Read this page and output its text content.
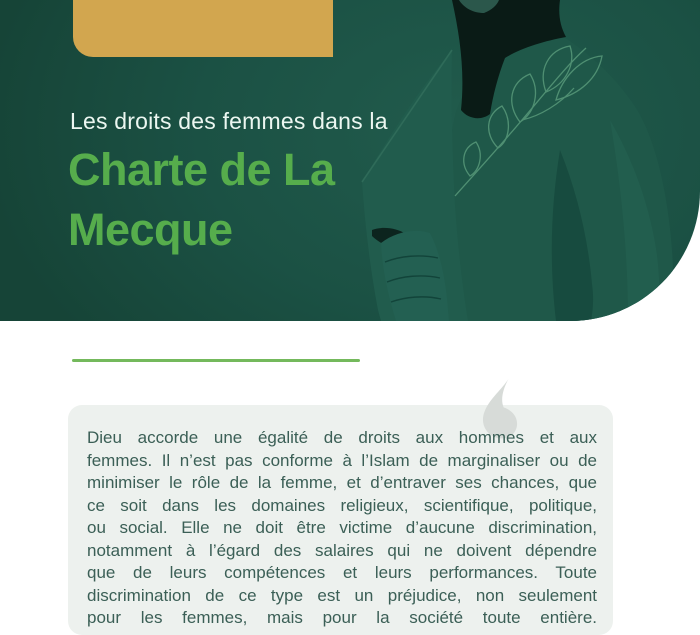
Les droits des femmes dans la
Charte de La
Mecque
Dieu accorde une égalité de droits aux hommes et aux
femmes. Il n’est pas conforme à l’Islam de marginaliser ou de
minimiser le rôle de la femme, et d’entraver ses chances, que
ce soit dans les domaines religieux, scientifique, politique,
ou social. Elle ne doit être victime d’aucune discrimination,
notamment à l’égard des salaires qui ne doivent dépendre
que de leurs compétences et leurs performances. Toute
discrimination de ce type est un préjudice, non seulement
pour les femmes, mais pour la société toute entière.
